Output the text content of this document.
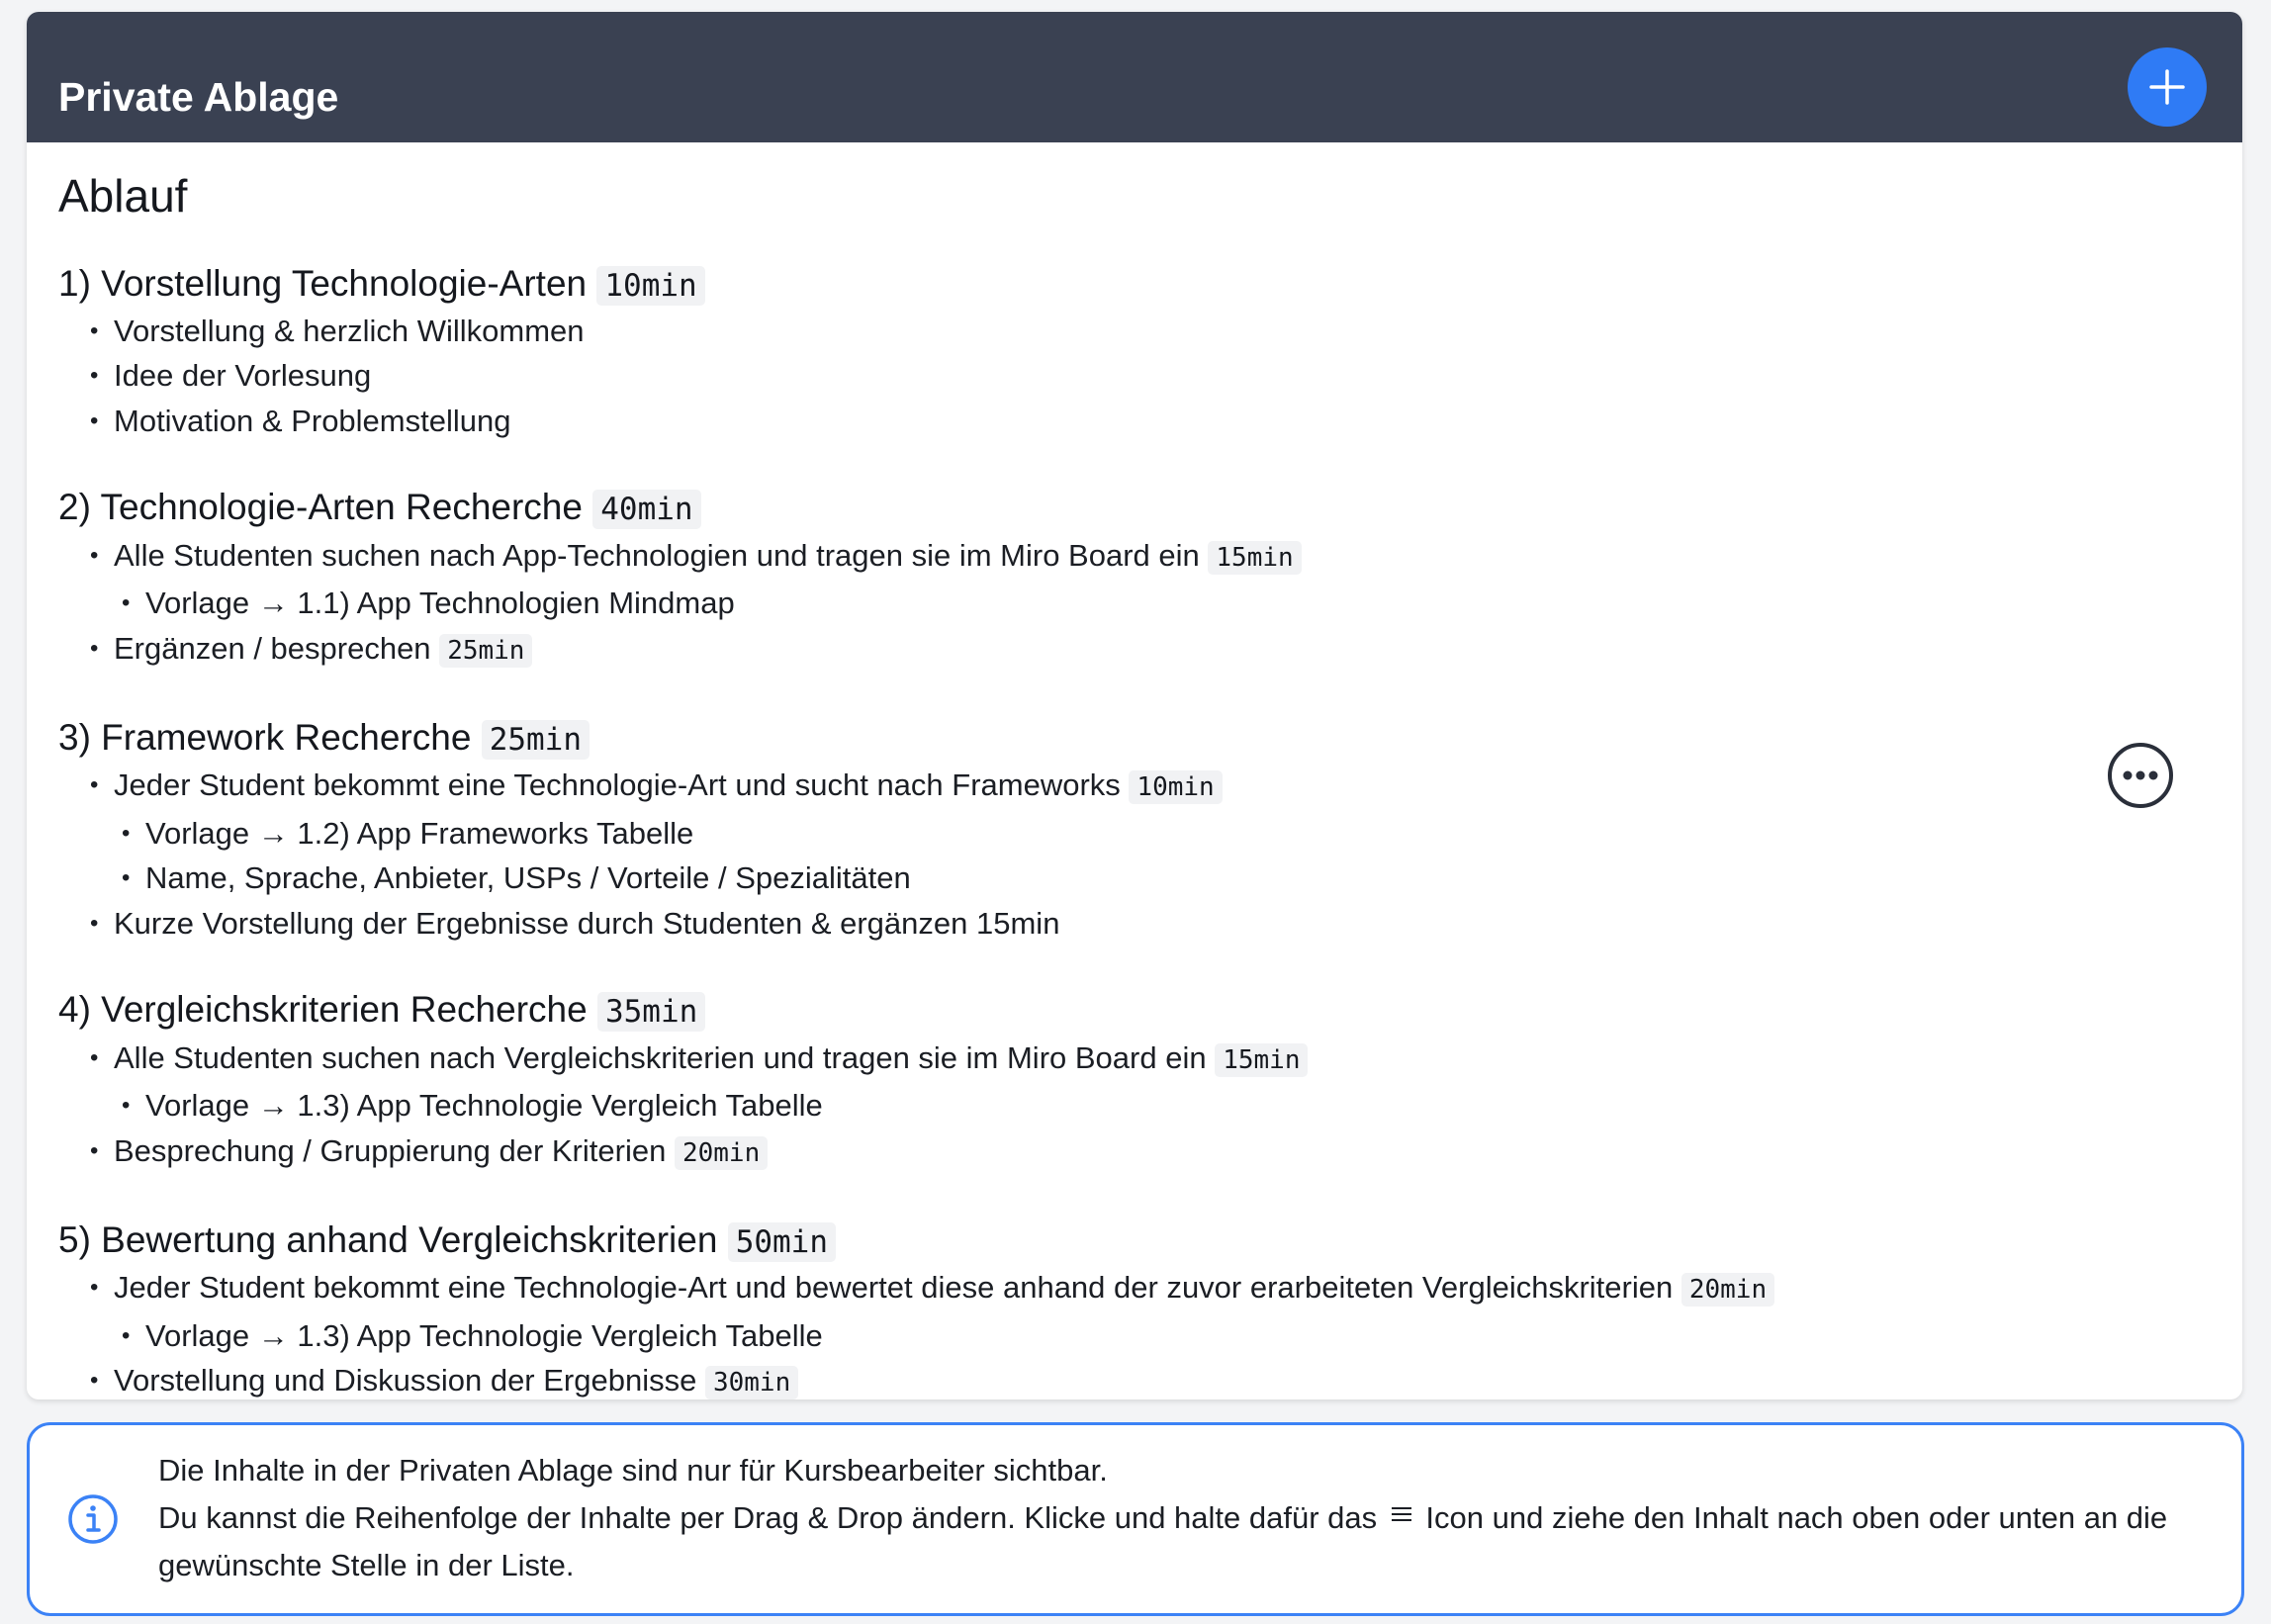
Private Ablage
Ablauf
1) Vorstellung Technologie-Arten 10min
• Vorstellung & herzlich Willkommen
• Idee der Vorlesung
• Motivation & Problemstellung
2) Technologie-Arten Recherche 40min
• Alle Studenten suchen nach App-Technologien und tragen sie im Miro Board ein 15min
• Vorlage → 1.1) App Technologien Mindmap
• Ergänzen / besprechen 25min
3) Framework Recherche 25min
• Jeder Student bekommt eine Technologie-Art und sucht nach Frameworks 10min
• Vorlage → 1.2) App Frameworks Tabelle
• Name, Sprache, Anbieter, USPs / Vorteile / Spezialitäten
• Kurze Vorstellung der Ergebnisse durch Studenten & ergänzen 15min
4) Vergleichskriterien Recherche 35min
• Alle Studenten suchen nach Vergleichskriterien und tragen sie im Miro Board ein 15min
• Vorlage → 1.3) App Technologie Vergleich Tabelle
• Besprechung / Gruppierung der Kriterien 20min
5) Bewertung anhand Vergleichskriterien 50min
• Jeder Student bekommt eine Technologie-Art und bewertet diese anhand der zuvor erarbeiteten Vergleichskriterien 20min
• Vorlage → 1.3) App Technologie Vergleich Tabelle
• Vorstellung und Diskussion der Ergebnisse 30min

Die Inhalte in der Privaten Ablage sind nur für Kursbearbeiter sichtbar.

Du kannst die Reihenfolge der Inhalte per Drag & Drop ändern. Klicke und halte dafür das Icon und ziehe den Inhalt nach oben oder unten an die gewünschte Stelle in der Liste.
